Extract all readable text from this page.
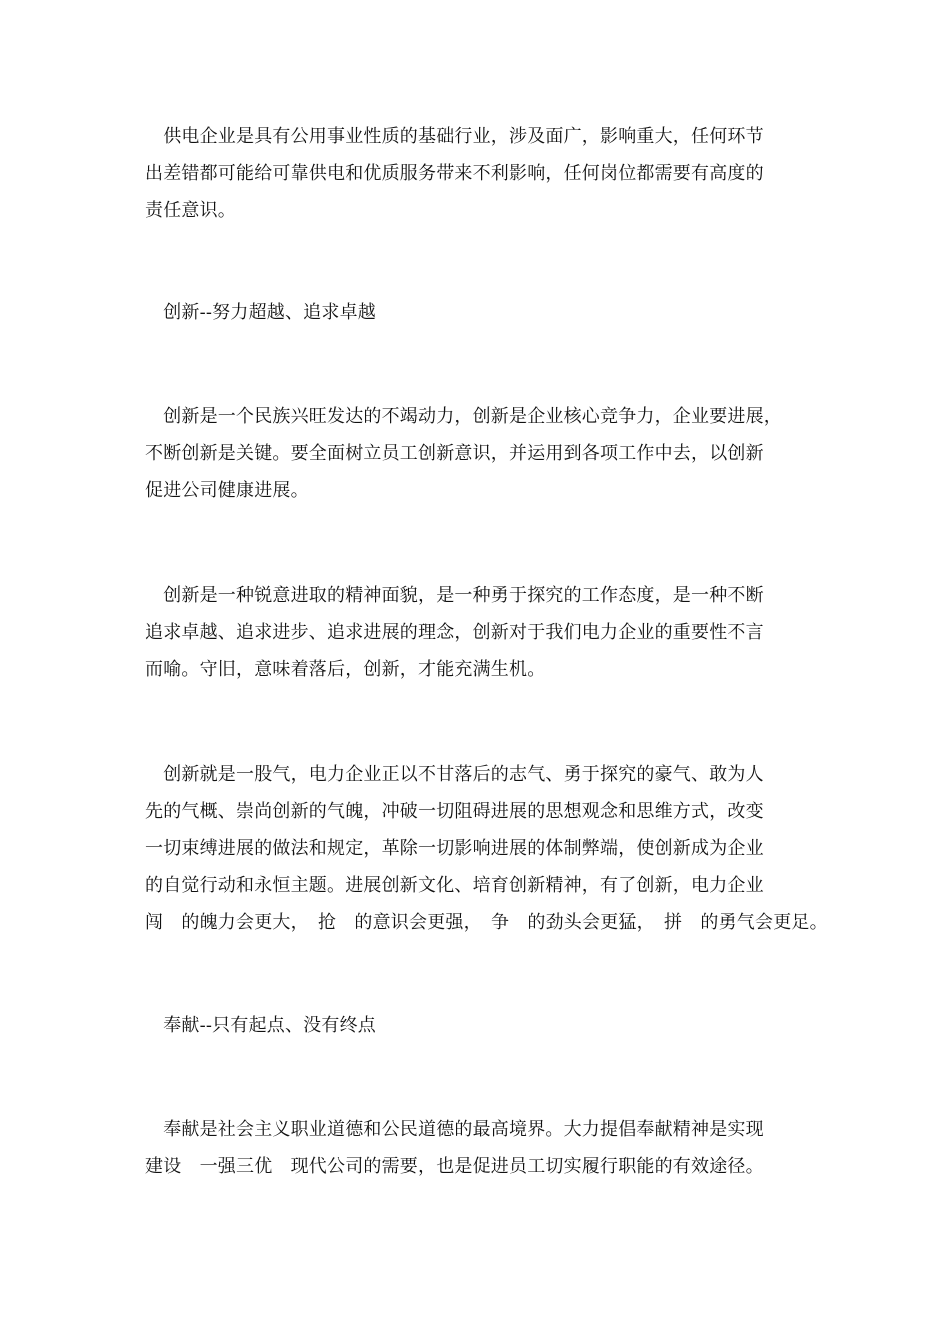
　供电企业是具有公用事业性质的基础行业，涉及面广，影响重大，任何环节
出差错都可能给可靠供电和优质服务带来不利影响，任何岗位都需要有高度的
责任意识。
　创新--努力超越、追求卓越
　创新是一个民族兴旺发达的不竭动力，创新是企业核心竞争力，企业要进展，
不断创新是关键。要全面树立员工创新意识，并运用到各项工作中去，以创新
促进公司健康进展。
　创新是一种锐意进取的精神面貌，是一种勇于探究的工作态度，是一种不断
追求卓越、追求进步、追求进展的理念，创新对于我们电力企业的重要性不言
而喻。守旧，意味着落后，创新，才能充满生机。
　创新就是一股气，电力企业正以不甘落后的志气、勇于探究的豪气、敢为人
先的气概、崇尚创新的气魄，冲破一切阻碍进展的思想观念和思维方式，改变
一切束缚进展的做法和规定，革除一切影响进展的体制弊端，使创新成为企业
的自觉行动和永恒主题。进展创新文化、培育创新精神，有了创新，电力企业
闯　的魄力会更大，　抢　的意识会更强，　争　的劲头会更猛，　拼　的勇气会更足。
　奉献--只有起点、没有终点
　奉献是社会主义职业道德和公民道德的最高境界。大力提倡奉献精神是实现
建设　一强三优　现代公司的需要，也是促进员工切实履行职能的有效途径。
